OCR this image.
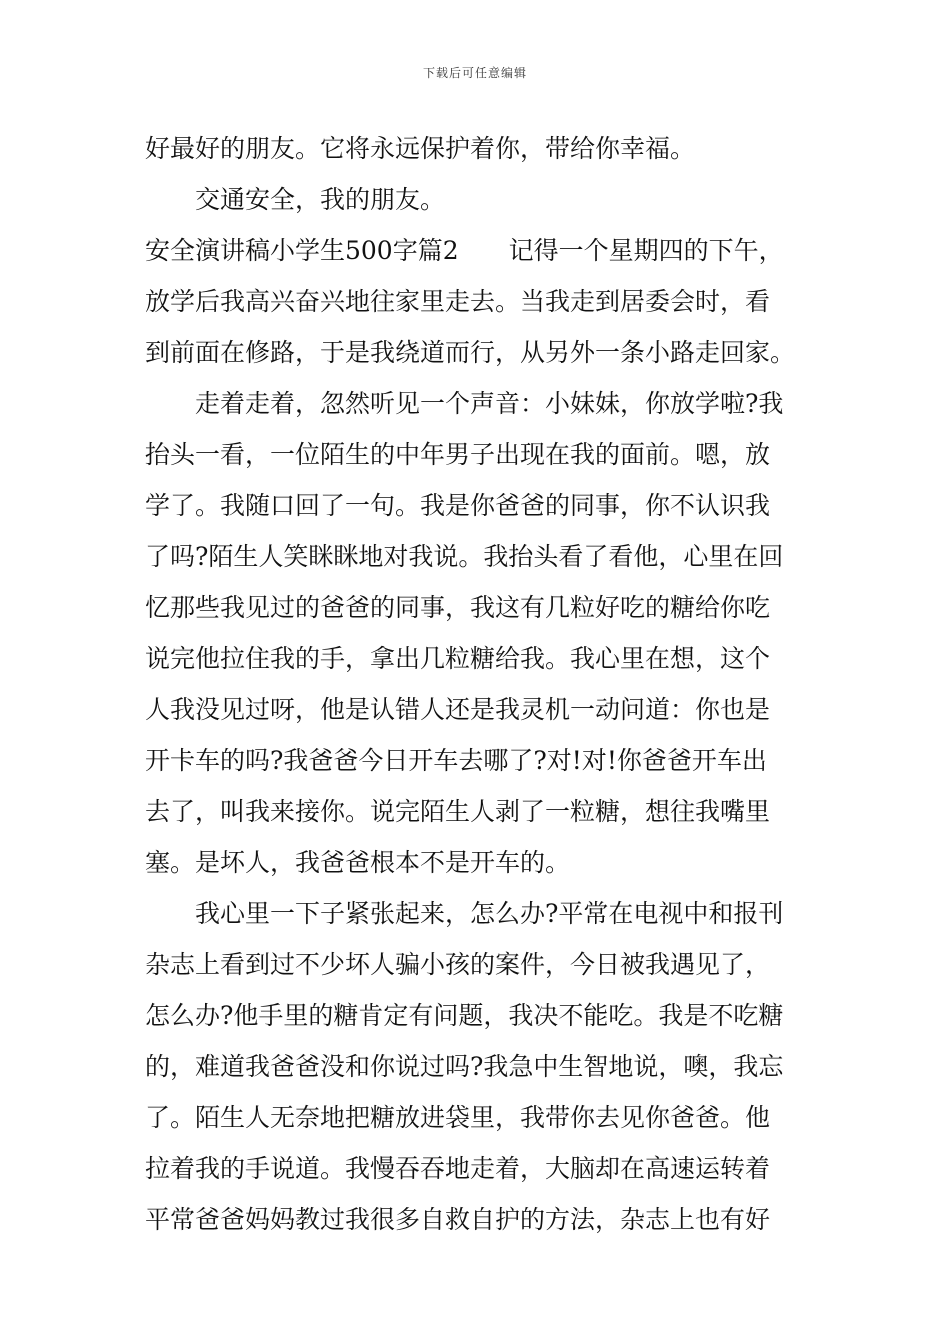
下载后可任意编辑
好最好的朋友。它将永远保护着你，带给你幸福。
交通安全，我的朋友。
安全演讲稿小学生500字篇2 记得一个星期四的下午，
放学后我高兴奋兴地往家里走去。当我走到居委会时，看
到前面在修路，于是我绕道而行，从另外一条小路走回家。
走着走着，忽然听见一个声音：小妹妹，你放学啦?我
抬头一看，一位陌生的中年男子出现在我的面前。嗯，放
学了。我随口回了一句。我是你爸爸的同事，你不认识我
了吗?陌生人笑眯眯地对我说。我抬头看了看他，心里在回
忆那些我见过的爸爸的同事，我这有几粒好吃的糖给你吃
说完他拉住我的手，拿出几粒糖给我。我心里在想，这个
人我没见过呀，他是认错人还是我灵机一动问道：你也是
开卡车的吗?我爸爸今日开车去哪了?对!对!你爸爸开车出
去了，叫我来接你。说完陌生人剥了一粒糖，想往我嘴里
塞。是坏人，我爸爸根本不是开车的。
我心里一下子紧张起来，怎么办?平常在电视中和报刊
杂志上看到过不少坏人骗小孩的案件，今日被我遇见了，
怎么办?他手里的糖肯定有问题，我决不能吃。我是不吃糖
的，难道我爸爸没和你说过吗?我急中生智地说，噢，我忘
了。陌生人无奈地把糖放进袋里，我带你去见你爸爸。他
拉着我的手说道。我慢吞吞地走着，大脑却在高速运转着
平常爸爸妈妈教过我很多自救自护的方法，杂志上也有好
